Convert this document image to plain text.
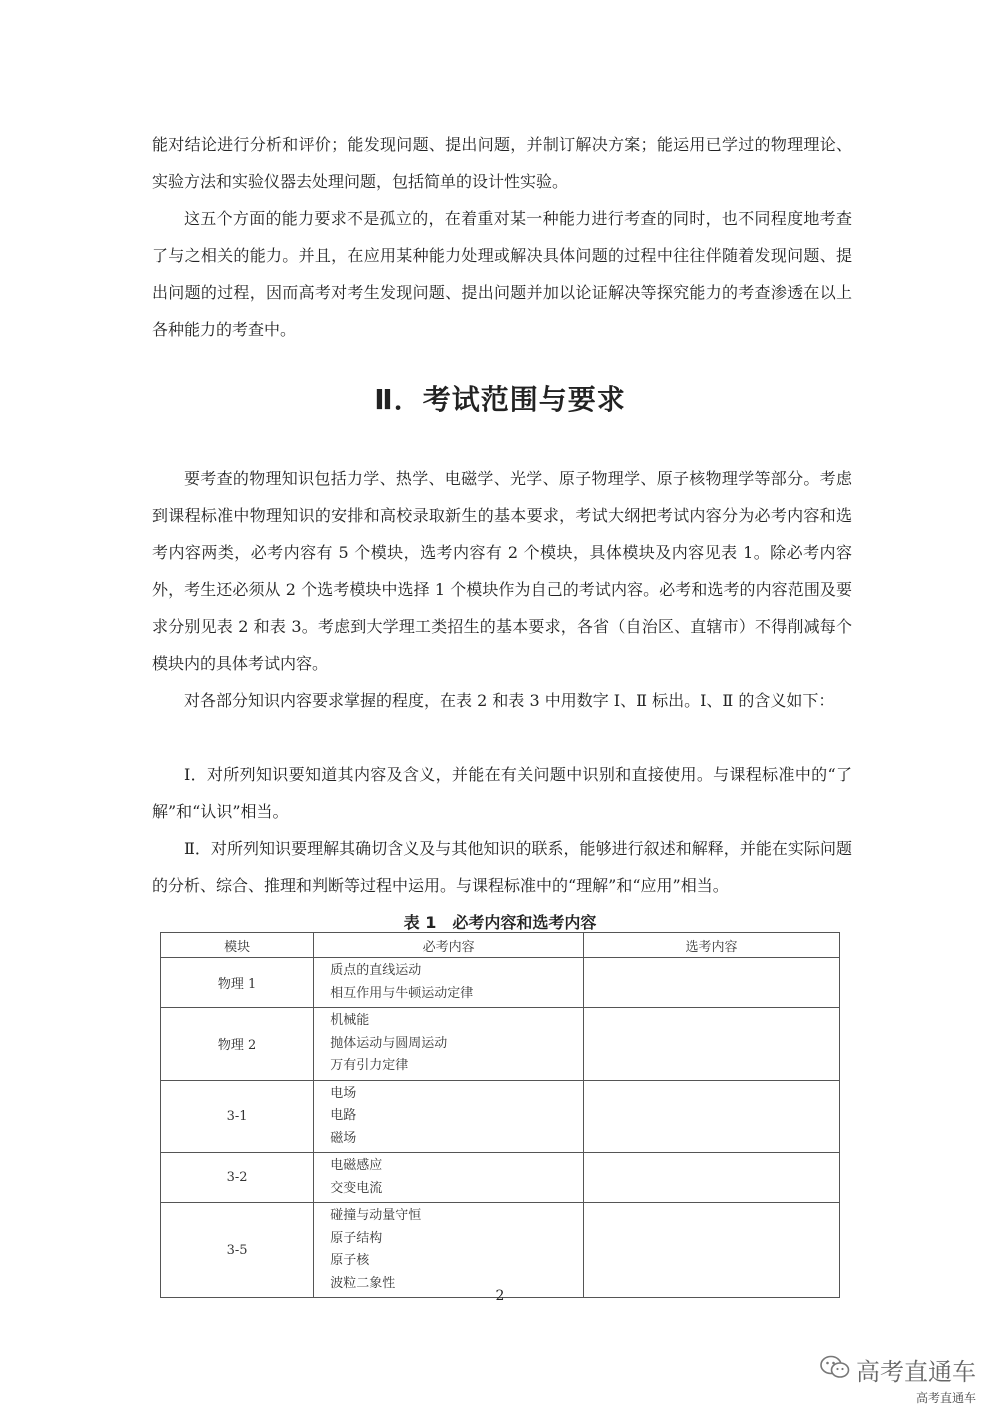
能对结论进行分析和评价；能发现问题、提出问题，并制订解决方案；能运用已学过的物理理论、实验方法和实验仪器去处理问题，包括简单的设计性实验。

这五个方面的能力要求不是孤立的，在着重对某一种能力进行考查的同时，也不同程度地考查了与之相关的能力。并且，在应用某种能力处理或解决具体问题的过程中往往伴随着发现问题、提出问题的过程，因而高考对考生发现问题、提出问题并加以论证解决等探究能力的考查渗透在以上各种能力的考查中。

Ⅱ．考试范围与要求

要考查的物理知识包括力学、热学、电磁学、光学、原子物理学、原子核物理学等部分。考虑到课程标准中物理知识的安排和高校录取新生的基本要求，考试大纲把考试内容分为必考内容和选考内容两类，必考内容有 5 个模块，选考内容有 2 个模块，具体模块及内容见表 1。除必考内容外，考生还必须从 2 个选考模块中选择 1 个模块作为自己的考试内容。必考和选考的内容范围及要求分别见表 2 和表 3。考虑到大学理工类招生的基本要求，各省（自治区、直辖市）不得削减每个模块内的具体考试内容。

对各部分知识内容要求掌握的程度，在表 2 和表 3 中用数字 Ⅰ、Ⅱ 标出。Ⅰ、Ⅱ 的含义如下：

Ⅰ．对所列知识要知道其内容及含义，并能在有关问题中识别和直接使用。与课程标准中的“了解”和“认识”相当。

Ⅱ．对所列知识要理解其确切含义及与其他知识的联系，能够进行叙述和解释，并能在实际问题的分析、综合、推理和判断等过程中运用。与课程标准中的“理解”和“应用”相当。

表 1　必考内容和选考内容
模块	必考内容	选考内容
物理 1	质点的直线运动
相互作用与牛顿运动定律	

物理 2	机械能
抛体运动与圆周运动
万有引力定律	

3-1	电场
电路
磁场	

3-2	电磁感应
交变电流	

3-5	碰撞与动量守恒
原子结构
原子核
波粒二象性	

2
高考直通车
高考直通车
